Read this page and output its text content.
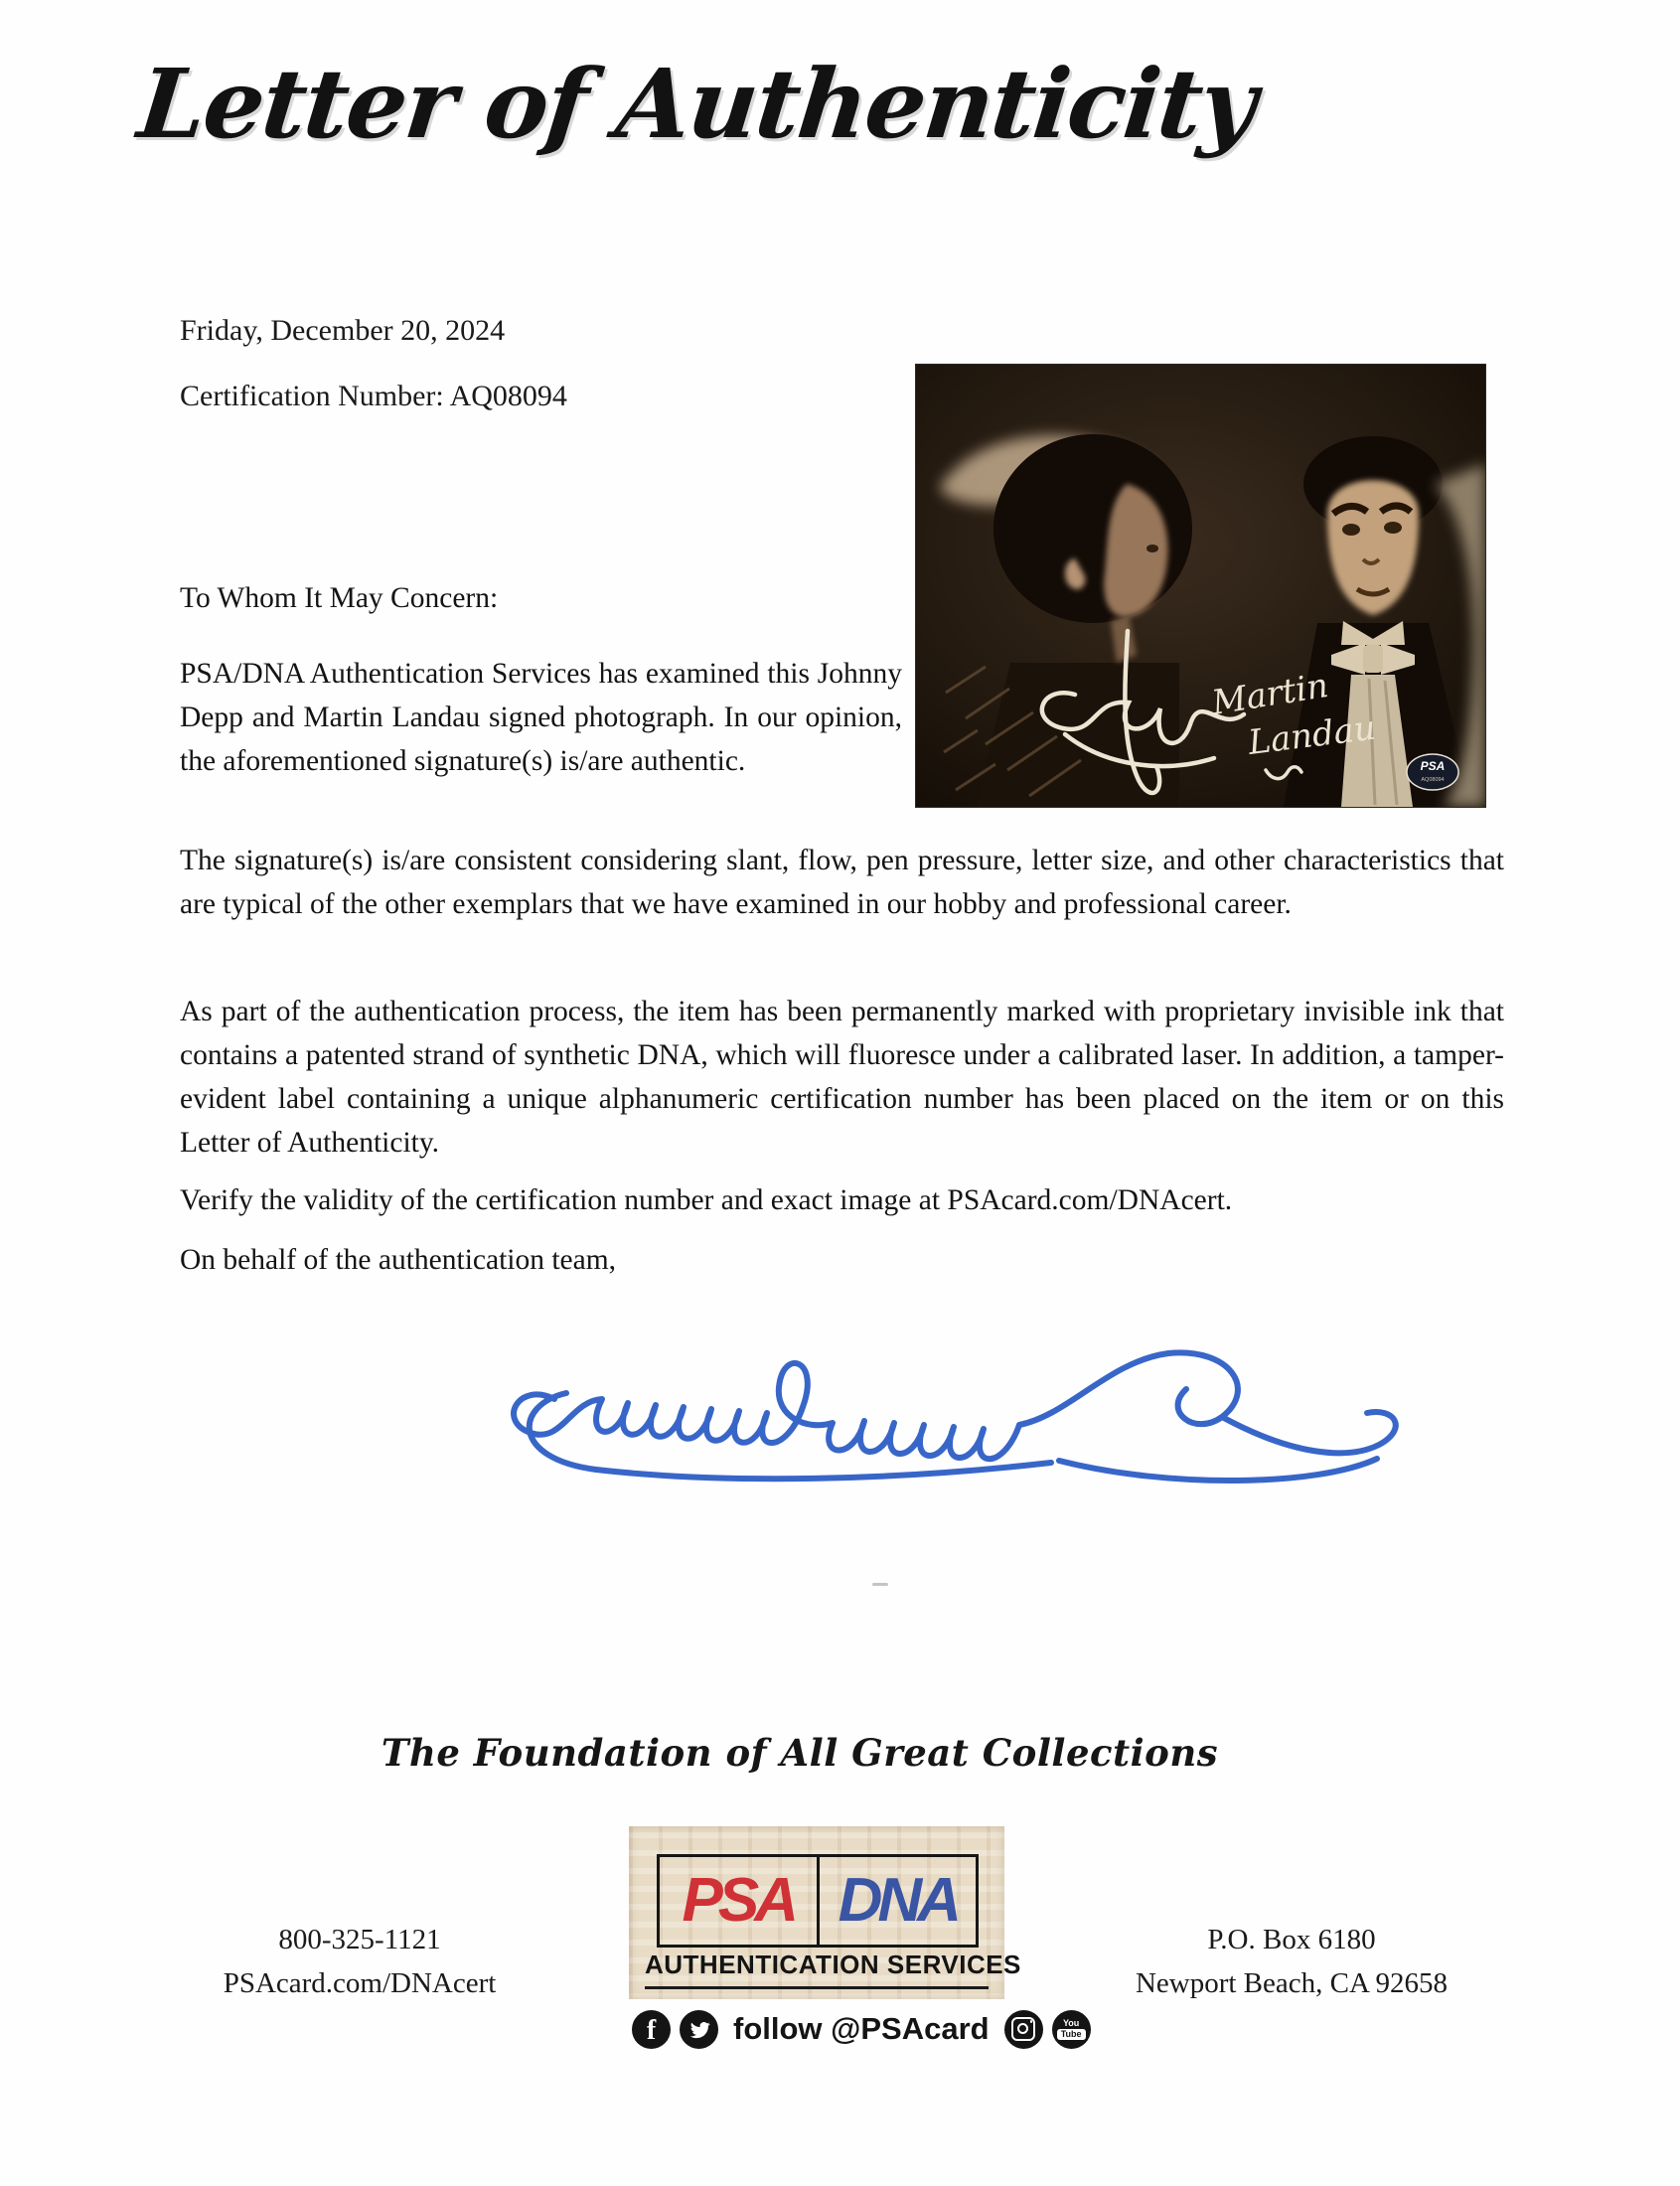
Letter of Authenticity
Friday, December 20, 2024
Certification Number: AQ08094
Martin
Landau
PSA
AQ08094
To Whom It May Concern:
PSA/DNA Authentication Services has examined this Johnny Depp and Martin Landau signed photograph. In our opinion, the aforementioned signature(s) is/are authentic.
The signature(s) is/are consistent considering slant, flow, pen pressure, letter size, and other characteristics that are typical of the other exemplars that we have examined in our hobby and professional career.
As part of the authentication process, the item has been permanently marked with proprietary invisible ink that contains a patented strand of synthetic DNA, which will fluoresce under a calibrated laser. In addition, a tamper-evident label containing a unique alphanumeric certification number has been placed on the item or on this Letter of Authenticity.
Verify the validity of the certification number and exact image at PSAcard.com/DNAcert.
On behalf of the authentication team,
The Foundation of All Great Collections
PSA DNA
AUTHENTICATION SERVICES
800-325-1121
PSAcard.com/DNAcert
P.O. Box 6180
Newport Beach, CA 92658
f	follow @PSAcard	You
Tube
